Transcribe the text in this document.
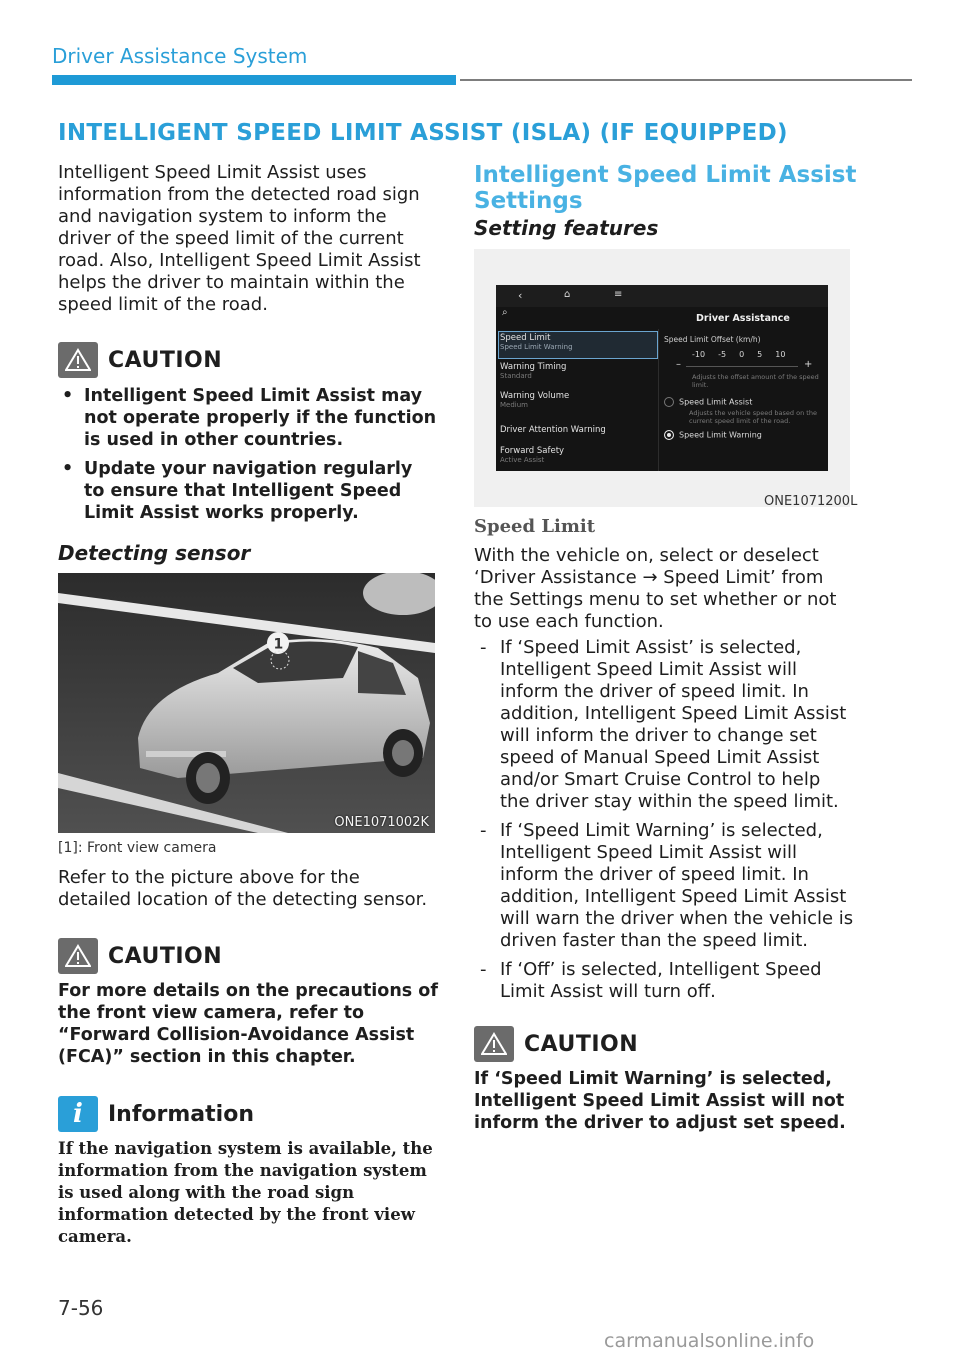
Driver Assistance System
INTELLIGENT SPEED LIMIT ASSIST (ISLA) (IF EQUIPPED)
Intelligent Speed Limit Assist uses information from the detected road sign and navigation system to inform the driver of the speed limit of the current road. Also, Intelligent Speed Limit Assist helps the driver to maintain within the speed limit of the road.
CAUTION
• Intelligent Speed Limit Assist may not operate properly if the function is used in other countries.
• Update your navigation regularly to ensure that Intelligent Speed Limit Assist works properly.
Detecting sensor
1
ONE1071002K
[1]: Front view camera
Refer to the picture above for the detailed location of the detecting sensor.
CAUTION
For more details on the precautions of the front view camera, refer to “Forward Collision-Avoidance Assist (FCA)” section in this chapter.
i	Information
If the navigation system is available, the information from the navigation system is used along with the road sign information detected by the front view camera.
Intelligent Speed Limit Assist Settings
Setting features
‹	⌂	≡
⌕
Driver Assistance
Speed Limit
Speed Limit Warning
Warning Timing
Standard
Warning Volume
Medium
Driver Attention Warning
Forward Safety
Active Assist
Speed Limit Offset (km/h)
-10 -5 0 5 10
–	+
Adjusts the offset amount of the speed limit.
Speed Limit Assist
Adjusts the vehicle speed based on the current speed limit of the road.
Speed Limit Warning
ONE1071200L
Speed Limit
With the vehicle on, select or deselect ‘Driver Assistance → Speed Limit’ from the Settings menu to set whether or not to use each function.
- If ‘Speed Limit Assist’ is selected, Intelligent Speed Limit Assist will inform the driver of speed limit. In addition, Intelligent Speed Limit Assist will inform the driver to change set speed of Manual Speed Limit Assist and/or Smart Cruise Control to help the driver stay within the speed limit.
- If ‘Speed Limit Warning’ is selected, Intelligent Speed Limit Assist will inform the driver of speed limit. In addition, Intelligent Speed Limit Assist will warn the driver when the vehicle is driven faster than the speed limit.
- If ‘Off’ is selected, Intelligent Speed Limit Assist will turn off.
CAUTION
If ‘Speed Limit Warning’ is selected, Intelligent Speed Limit Assist will not inform the driver to adjust set speed.
7-56
carmanualsonline.info
